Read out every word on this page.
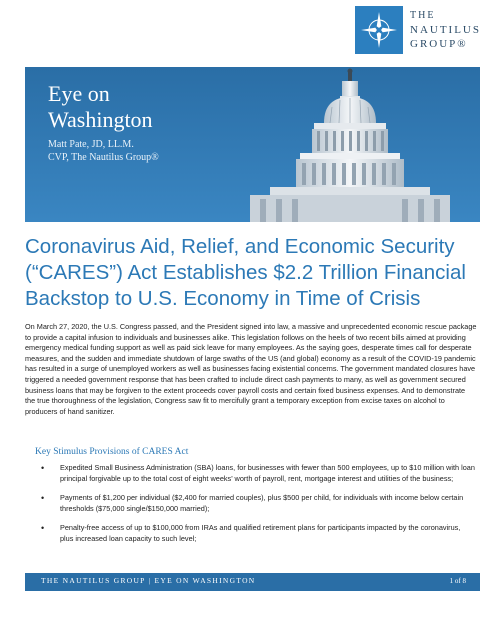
THE
NAUTILUS
GROUP®
Eye on
Washington
Matt Pate, JD, LL.M.
CVP, The Nautilus Group®
Coronavirus Aid, Relief, and Economic Security (“CARES”) Act Establishes $2.2 Trillion Financial Backstop to U.S. Economy in Time of Crisis

On March 27, 2020, the U.S. Congress passed, and the President signed into law, a massive and unprecedented economic rescue package to provide a capital infusion to individuals and businesses alike. This legislation follows on the heels of two recent bills aimed at providing emergency medical funding support as well as paid sick leave for many employees. As the saying goes, desperate times call for desperate measures, and the sudden and immediate shutdown of large swaths of the US (and global) economy as a result of the COVID-19 pandemic has resulted in a surge of unemployed workers as well as businesses facing existential concerns. The government mandated closures have triggered a needed government response that has been crafted to include direct cash payments to many, as well as government secured business loans that may be forgiven to the extent proceeds cover payroll costs and certain fixed business expenses. And to demonstrate the true thoroughness of the legislation, Congress saw fit to mercifully grant a temporary exception from excise taxes on alcohol to producers of hand sanitizer.

Key Stimulus Provisions of CARES Act
• Expedited Small Business Administration (SBA) loans, for businesses with fewer than 500 employees, up to $10 million with loan principal forgivable up to the total cost of eight weeks’ worth of payroll, rent, mortgage interest and utilities of the business;
• Payments of $1,200 per individual ($2,400 for married couples), plus $500 per child, for individuals with income below certain thresholds ($75,000 single/$150,000 married);
• Penalty-free access of up to $100,000 from IRAs and qualified retirement plans for participants impacted by the coronavirus, plus increased loan capacity to such level;
THE NAUTILUS GROUP | EYE ON WASHINGTON	1 of 8
